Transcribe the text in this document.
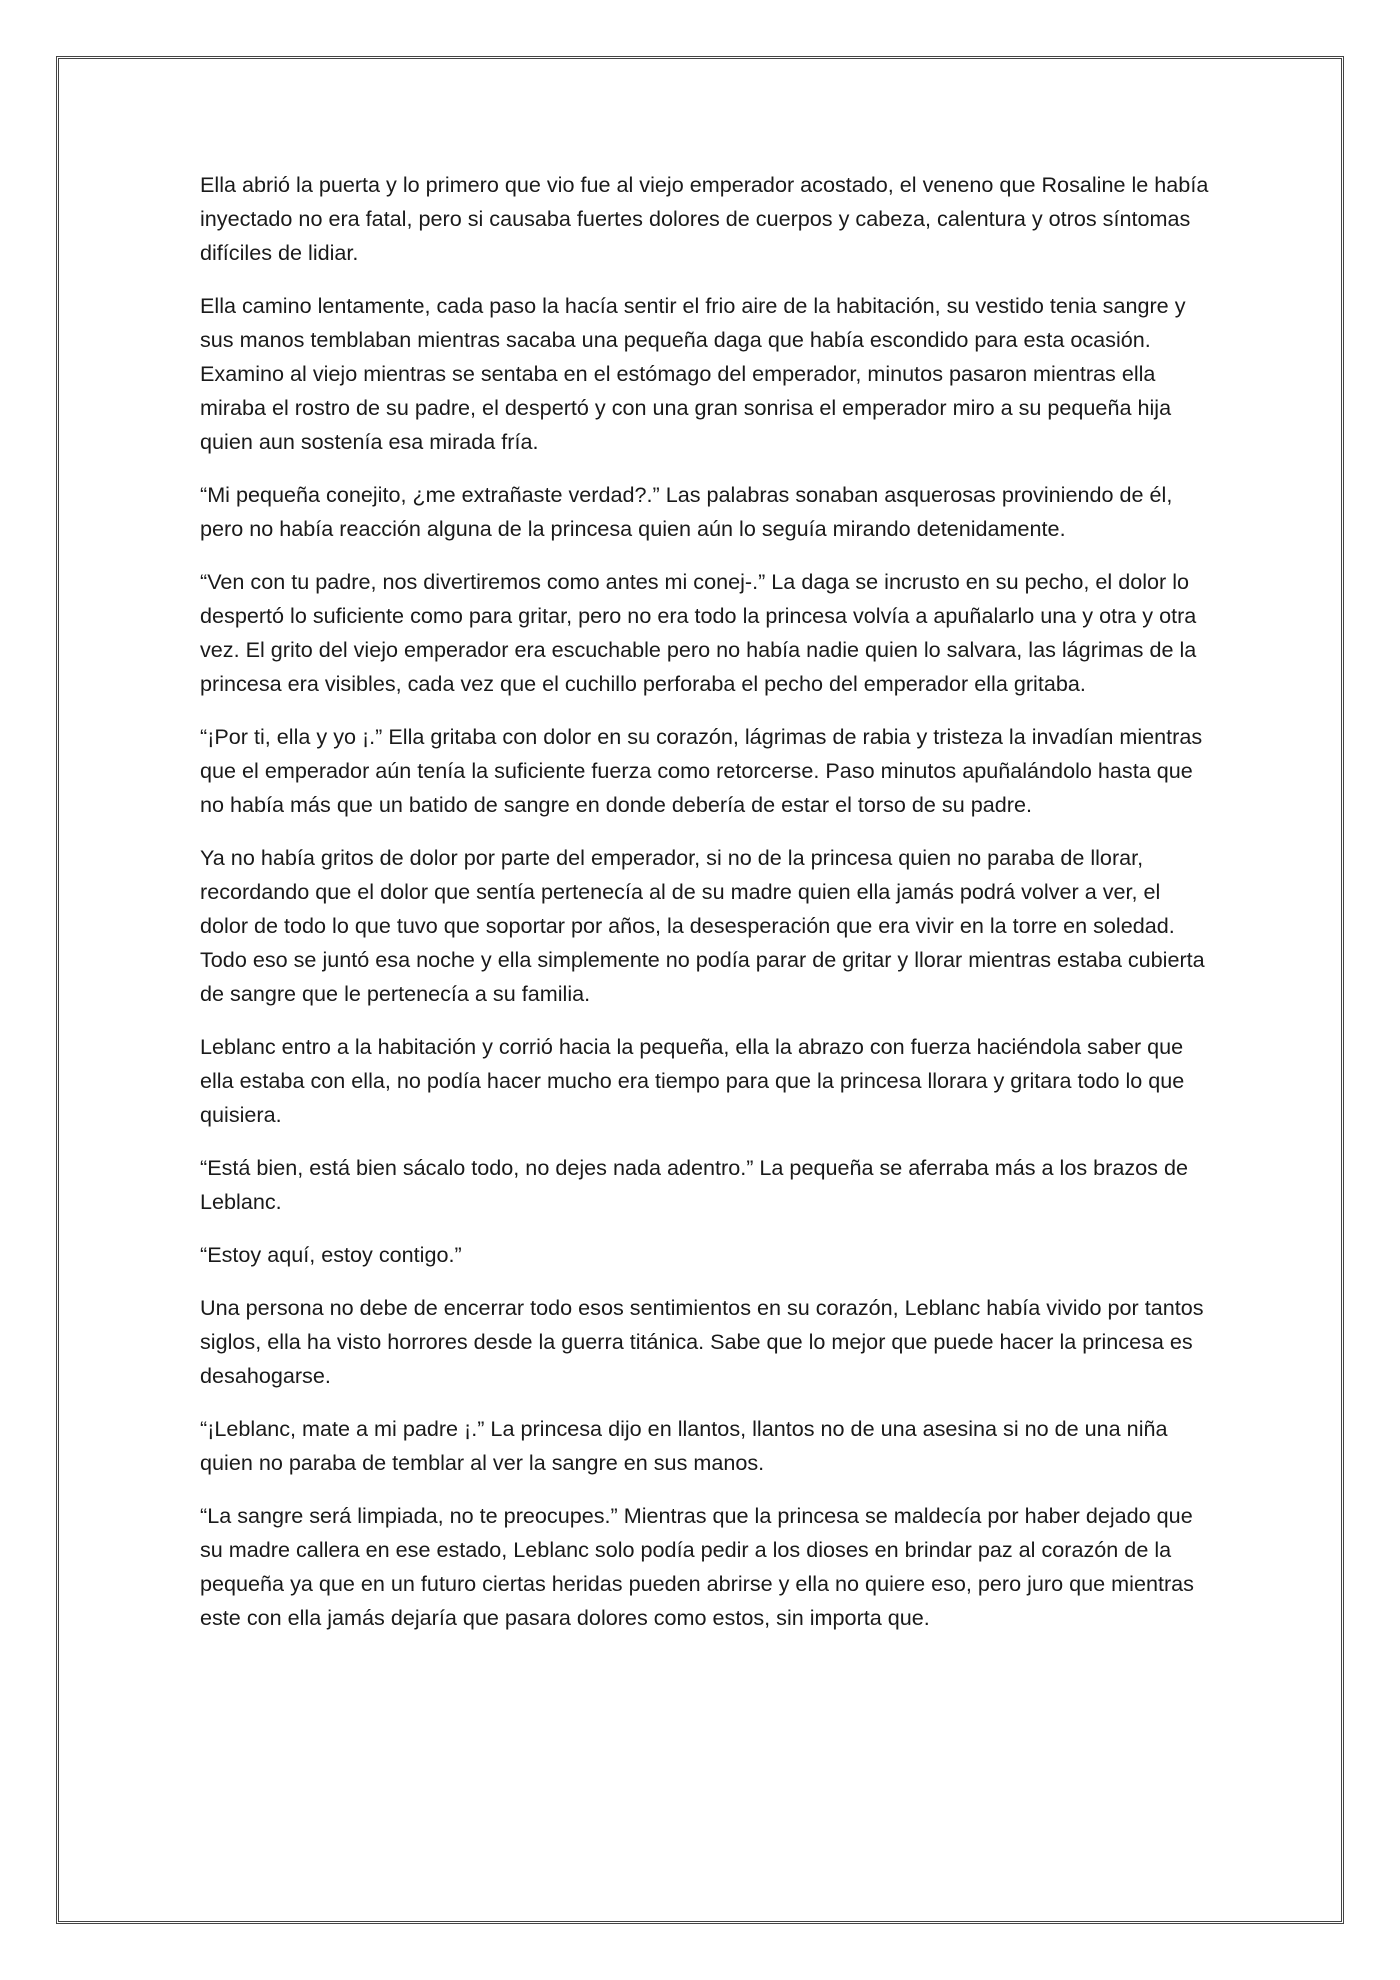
Ella abrió la puerta y lo primero que vio fue al viejo emperador acostado, el veneno que Rosaline le había inyectado no era fatal, pero si causaba fuertes dolores de cuerpos y cabeza, calentura y otros síntomas difíciles de lidiar.

Ella camino lentamente, cada paso la hacía sentir el frio aire de la habitación, su vestido tenia sangre y sus manos temblaban mientras sacaba una pequeña daga que había escondido para esta ocasión. Examino al viejo mientras se sentaba en el estómago del emperador, minutos pasaron mientras ella miraba el rostro de su padre, el despertó y con una gran sonrisa el emperador miro a su pequeña hija quien aun sostenía esa mirada fría.

“Mi pequeña conejito, ¿me extrañaste verdad?.” Las palabras sonaban asquerosas proviniendo de él, pero no había reacción alguna de la princesa quien aún lo seguía mirando detenidamente.

“Ven con tu padre, nos divertiremos como antes mi conej-.” La daga se incrusto en su pecho, el dolor lo despertó lo suficiente como para gritar, pero no era todo la princesa volvía a apuñalarlo una y otra y otra vez. El grito del viejo emperador era escuchable pero no había nadie quien lo salvara, las lágrimas de la princesa era visibles, cada vez que el cuchillo perforaba el pecho del emperador ella gritaba.

“¡Por ti, ella y yo ¡.” Ella gritaba con dolor en su corazón, lágrimas de rabia y tristeza la invadían mientras que el emperador aún tenía la suficiente fuerza como retorcerse. Paso minutos apuñalándolo hasta que no había más que un batido de sangre en donde debería de estar el torso de su padre.

Ya no había gritos de dolor por parte del emperador, si no de la princesa quien no paraba de llorar, recordando que el dolor que sentía pertenecía al de su madre quien ella jamás podrá volver a ver, el dolor de todo lo que tuvo que soportar por años, la desesperación que era vivir en la torre en soledad. Todo eso se juntó esa noche y ella simplemente no podía parar de gritar y llorar mientras estaba cubierta de sangre que le pertenecía a su familia.

Leblanc entro a la habitación y corrió hacia la pequeña, ella la abrazo con fuerza haciéndola saber que ella estaba con ella, no podía hacer mucho era tiempo para que la princesa llorara y gritara todo lo que quisiera.

“Está bien, está bien sácalo todo, no dejes nada adentro.” La pequeña se aferraba más a los brazos de Leblanc.

“Estoy aquí, estoy contigo.”

Una persona no debe de encerrar todo esos sentimientos en su corazón, Leblanc había vivido por tantos siglos, ella ha visto horrores desde la guerra titánica. Sabe que lo mejor que puede hacer la princesa es desahogarse.

“¡Leblanc, mate a mi padre ¡.” La princesa dijo en llantos, llantos no de una asesina si no de una niña quien no paraba de temblar al ver la sangre en sus manos.

“La sangre será limpiada, no te preocupes.” Mientras que la princesa se maldecía por haber dejado que su madre callera en ese estado, Leblanc solo podía pedir a los dioses en brindar paz al corazón de la pequeña ya que en un futuro ciertas heridas pueden abrirse y ella no quiere eso, pero juro que mientras este con ella jamás dejaría que pasara dolores como estos, sin importa que.
